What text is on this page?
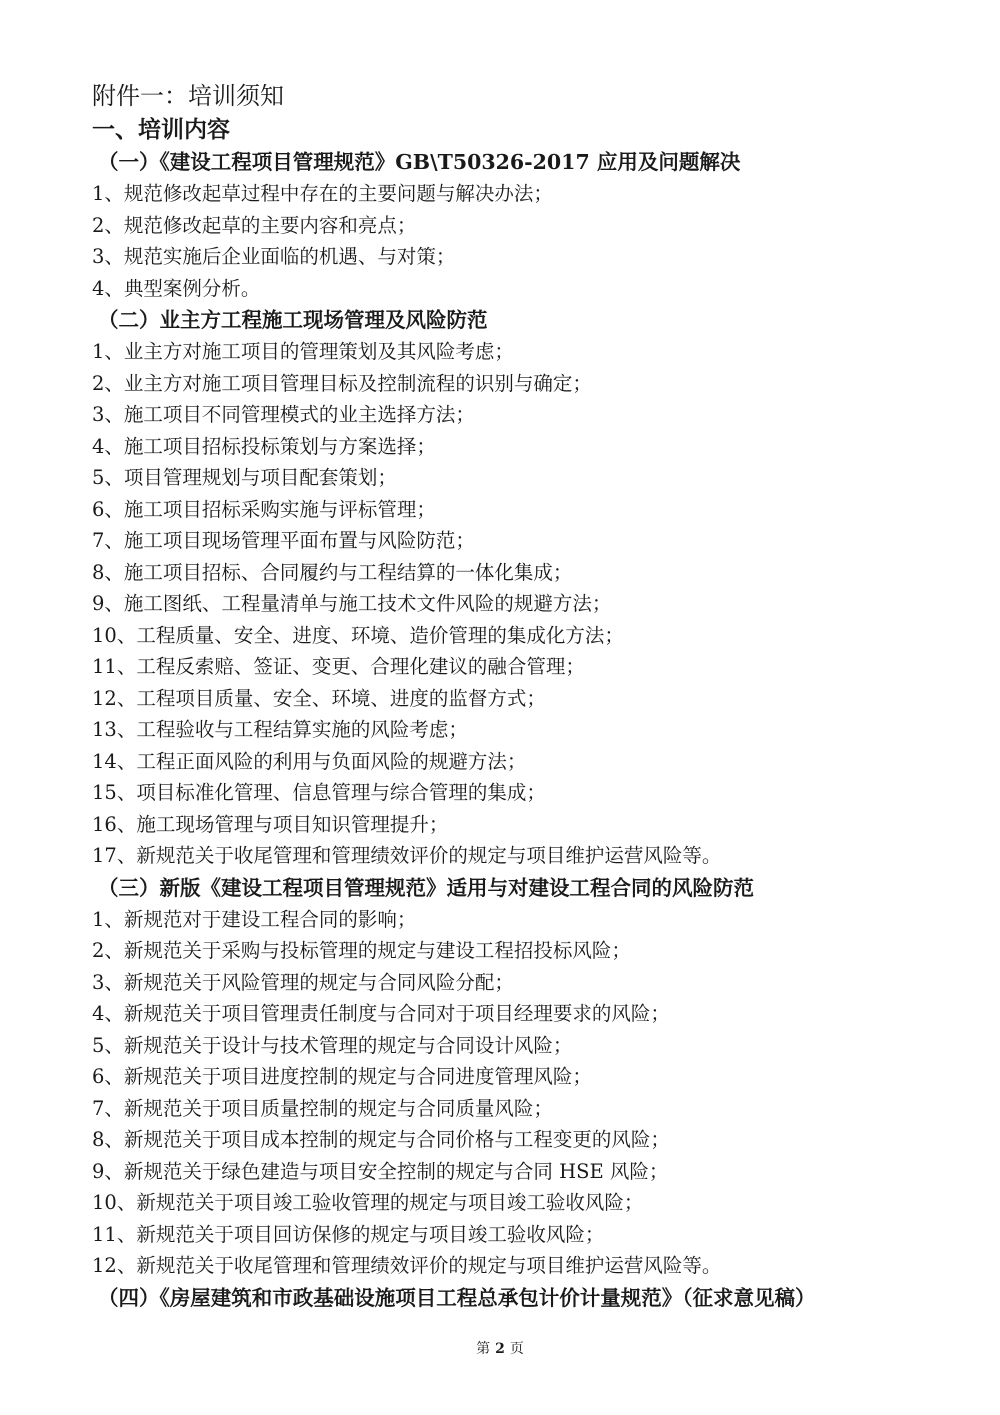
附件一：培训须知
一、培训内容
（一）《建设工程项目管理规范》GB\T50326-2017 应用及问题解决
1、规范修改起草过程中存在的主要问题与解决办法；
2、规范修改起草的主要内容和亮点；
3、规范实施后企业面临的机遇、与对策；
4、典型案例分析。
（二）业主方工程施工现场管理及风险防范
1、业主方对施工项目的管理策划及其风险考虑；
2、业主方对施工项目管理目标及控制流程的识别与确定；
3、施工项目不同管理模式的业主选择方法；
4、施工项目招标投标策划与方案选择；
5、项目管理规划与项目配套策划；
6、施工项目招标采购实施与评标管理；
7、施工项目现场管理平面布置与风险防范；
8、施工项目招标、合同履约与工程结算的一体化集成；
9、施工图纸、工程量清单与施工技术文件风险的规避方法；
10、工程质量、安全、进度、环境、造价管理的集成化方法；
11、工程反索赔、签证、变更、合理化建议的融合管理；
12、工程项目质量、安全、环境、进度的监督方式；
13、工程验收与工程结算实施的风险考虑；
14、工程正面风险的利用与负面风险的规避方法；
15、项目标准化管理、信息管理与综合管理的集成；
16、施工现场管理与项目知识管理提升；
17、新规范关于收尾管理和管理绩效评价的规定与项目维护运营风险等。
（三）新版《建设工程项目管理规范》适用与对建设工程合同的风险防范
1、新规范对于建设工程合同的影响；
2、新规范关于采购与投标管理的规定与建设工程招投标风险；
3、新规范关于风险管理的规定与合同风险分配；
4、新规范关于项目管理责任制度与合同对于项目经理要求的风险；
5、新规范关于设计与技术管理的规定与合同设计风险；
6、新规范关于项目进度控制的规定与合同进度管理风险；
7、新规范关于项目质量控制的规定与合同质量风险；
8、新规范关于项目成本控制的规定与合同价格与工程变更的风险；
9、新规范关于绿色建造与项目安全控制的规定与合同 HSE 风险；
10、新规范关于项目竣工验收管理的规定与项目竣工验收风险；
11、新规范关于项目回访保修的规定与项目竣工验收风险；
12、新规范关于收尾管理和管理绩效评价的规定与项目维护运营风险等。
（四）《房屋建筑和市政基础设施项目工程总承包计价计量规范》（征求意见稿）
第 2 页
